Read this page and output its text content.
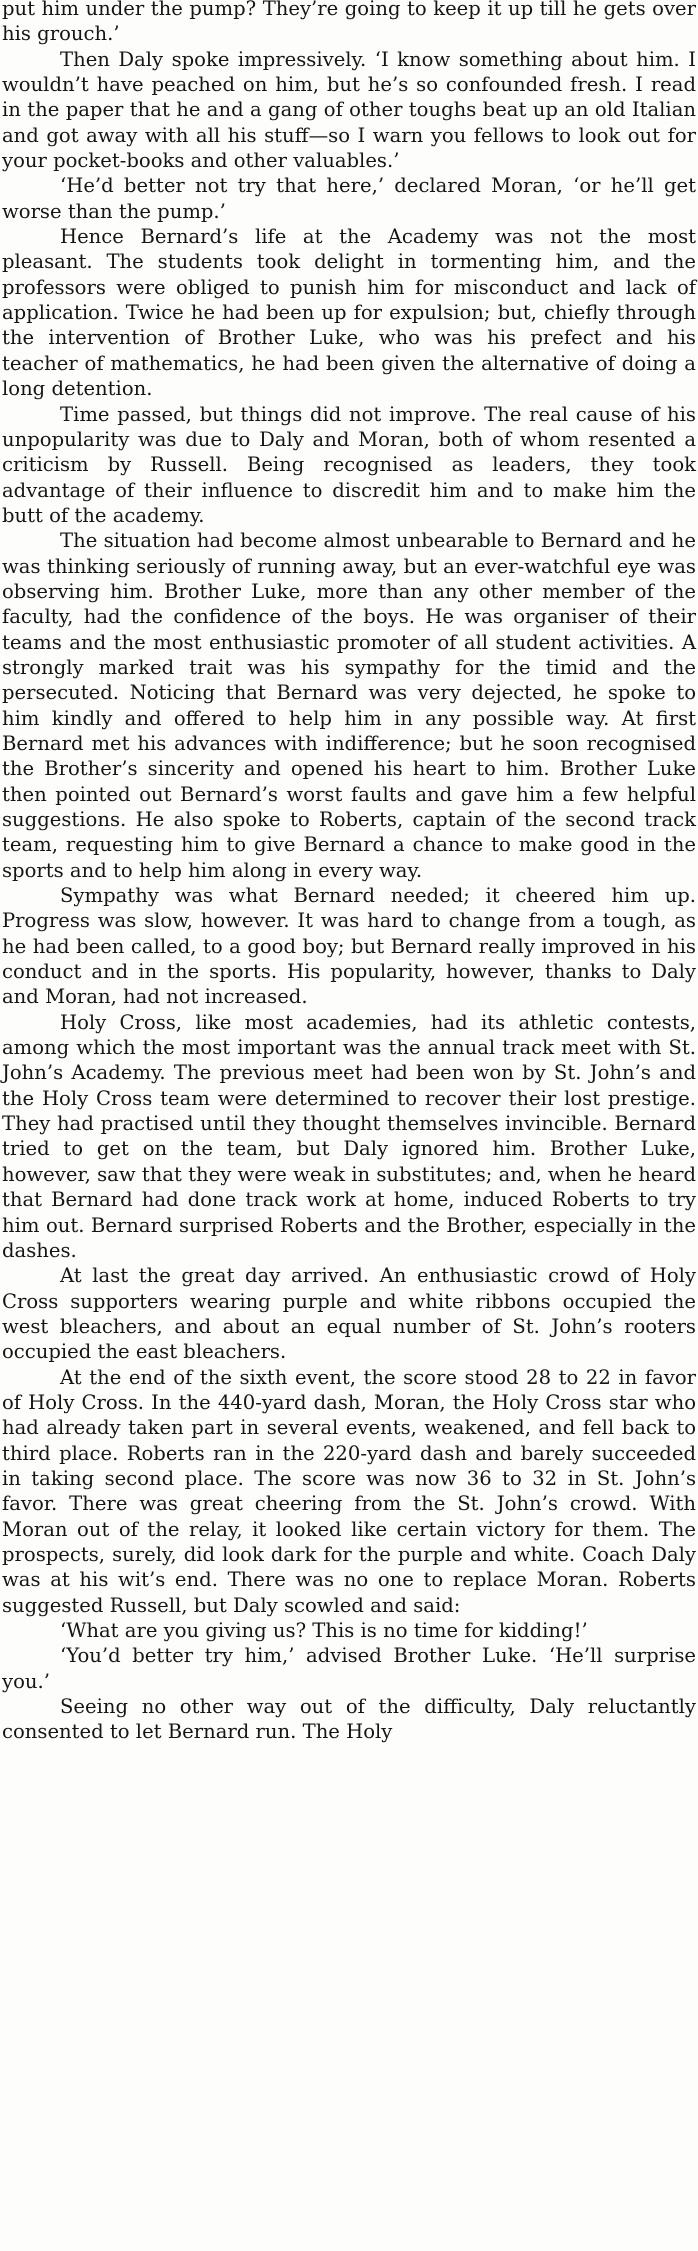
put him under the pump? They’re going to keep it up till he gets over his grouch.’

Then Daly spoke impressively. ‘I know something about him. I wouldn’t have peached on him, but he’s so confounded fresh. I read in the paper that he and a gang of other toughs beat up an old Italian and got away with all his stuff—so I warn you fellows to look out for your pocket-books and other valuables.’

‘He’d better not try that here,’ declared Moran, ‘or he’ll get worse than the pump.’

Hence Bernard’s life at the Academy was not the most pleasant. The students took delight in tormenting him, and the professors were obliged to punish him for misconduct and lack of application. Twice he had been up for expulsion; but, chiefly through the intervention of Brother Luke, who was his prefect and his teacher of mathematics, he had been given the alternative of doing a long detention.

Time passed, but things did not improve. The real cause of his unpopularity was due to Daly and Moran, both of whom resented a criticism by Russell. Being recognised as leaders, they took advantage of their influence to discredit him and to make him the butt of the academy.

The situation had become almost unbearable to Bernard and he was thinking seriously of running away, but an ever-watchful eye was observing him. Brother Luke, more than any other member of the faculty, had the confidence of the boys. He was organiser of their teams and the most enthusiastic promoter of all student activities. A strongly marked trait was his sympathy for the timid and the persecuted. Noticing that Bernard was very dejected, he spoke to him kindly and offered to help him in any possible way. At first Bernard met his advances with indifference; but he soon recognised the Brother’s sincerity and opened his heart to him. Brother Luke then pointed out Bernard’s worst faults and gave him a few helpful suggestions. He also spoke to Roberts, captain of the second track team, requesting him to give Bernard a chance to make good in the sports and to help him along in every way.

Sympathy was what Bernard needed; it cheered him up. Progress was slow, however. It was hard to change from a tough, as he had been called, to a good boy; but Bernard really improved in his conduct and in the sports. His popularity, however, thanks to Daly and Moran, had not increased.

Holy Cross, like most academies, had its athletic contests, among which the most important was the annual track meet with St. John’s Academy. The previous meet had been won by St. John’s and the Holy Cross team were determined to recover their lost prestige. They had practised until they thought themselves invincible. Bernard tried to get on the team, but Daly ignored him. Brother Luke, however, saw that they were weak in substitutes; and, when he heard that Bernard had done track work at home, induced Roberts to try him out. Bernard surprised Roberts and the Brother, especially in the dashes.

At last the great day arrived. An enthusiastic crowd of Holy Cross supporters wearing purple and white ribbons occupied the west bleachers, and about an equal number of St. John’s rooters occupied the east bleachers.

At the end of the sixth event, the score stood 28 to 22 in favor of Holy Cross. In the 440-yard dash, Moran, the Holy Cross star who had already taken part in several events, weakened, and fell back to third place. Roberts ran in the 220-yard dash and barely succeeded in taking second place. The score was now 36 to 32 in St. John’s favor. There was great cheering from the St. John’s crowd. With Moran out of the relay, it looked like certain victory for them. The prospects, surely, did look dark for the purple and white. Coach Daly was at his wit’s end. There was no one to replace Moran. Roberts suggested Russell, but Daly scowled and said:

‘What are you giving us? This is no time for kidding!’

‘You’d better try him,’ advised Brother Luke. ‘He’ll surprise you.’

Seeing no other way out of the difficulty, Daly reluctantly consented to let Bernard run. The Holy
